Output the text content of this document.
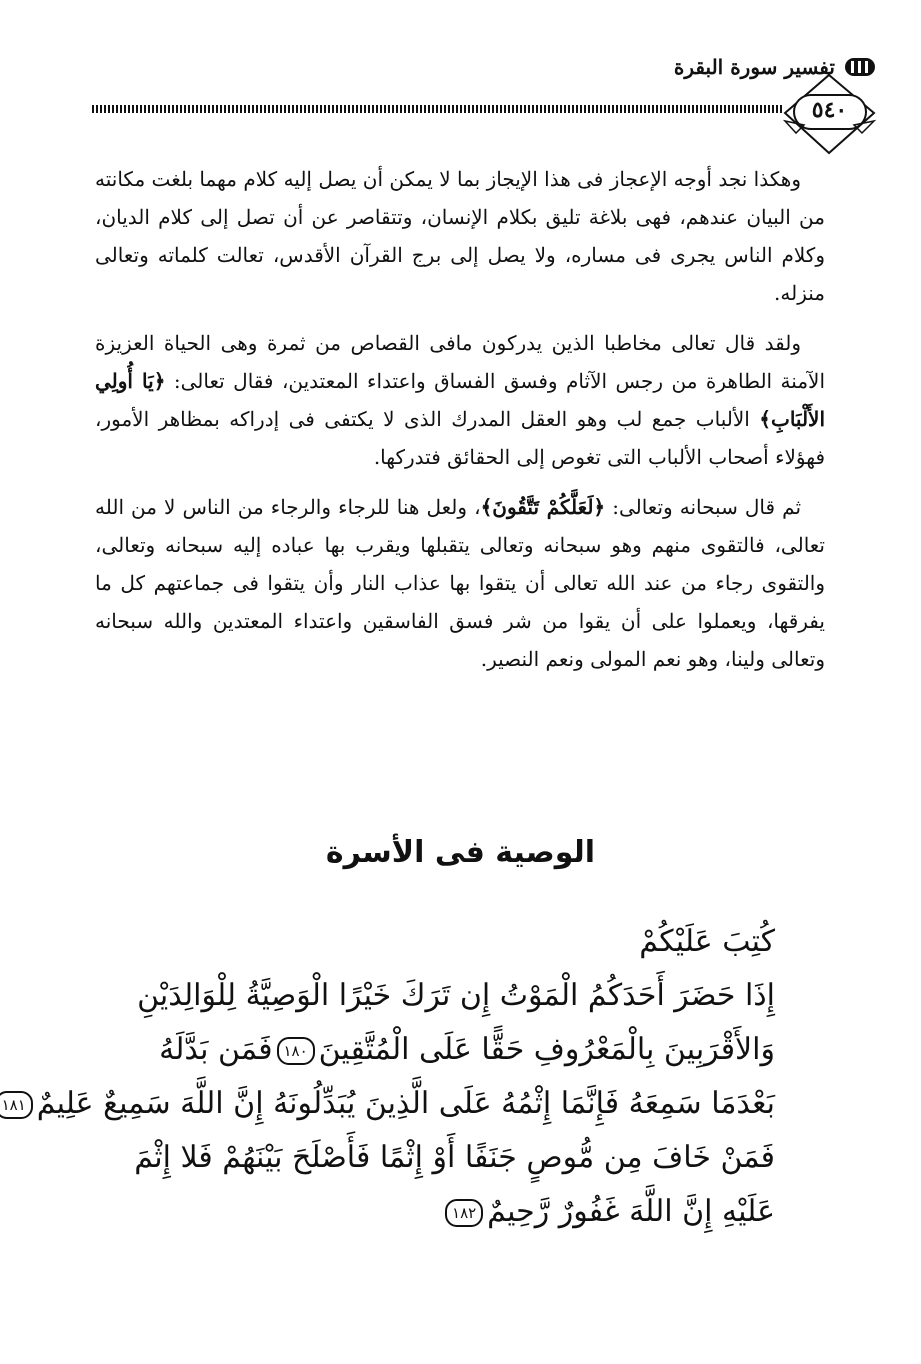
تفسير سورة البقرة
٥٤٠

وهكذا نجد أوجه الإعجاز فى هذا الإيجاز بما لا يمكن أن يصل إليه كلام مهما بلغت مكانته من البيان عندهم، فهى بلاغة تليق بكلام الإنسان، وتتقاصر عن أن تصل إلى كلام الديان، وكلام الناس يجرى فى مساره، ولا يصل إلى برج القرآن الأقدس، تعالت كلماته وتعالى منزله.

ولقد قال تعالى مخاطبا الذين يدركون مافى القصاص من ثمرة وهى الحياة العزيزة الآمنة الطاهرة من رجس الآثام وفسق الفساق واعتداء المعتدين، فقال تعالى: ﴿يَا أُولِي الأَلْبَابِ﴾ الألباب جمع لب وهو العقل المدرك الذى لا يكتفى فى إدراكه بمظاهر الأمور، فهؤلاء أصحاب الألباب التى تغوص إلى الحقائق فتدركها.

ثم قال سبحانه وتعالى: ﴿لَعَلَّكُمْ تَتَّقُونَ﴾، ولعل هنا للرجاء والرجاء من الناس لا من الله تعالى، فالتقوى منهم وهو سبحانه وتعالى يتقبلها ويقرب بها عباده إليه سبحانه وتعالى، والتقوى رجاء من عند الله تعالى أن يتقوا بها عذاب النار وأن يتقوا فى جماعتهم كل ما يفرقها، ويعملوا على أن يقوا من شر فسق الفاسقين واعتداء المعتدين والله سبحانه وتعالى ولينا، وهو نعم المولى ونعم النصير.

الوصية فى الأسرة
كُتِبَ عَلَيْكُمْ
إِذَا حَضَرَ أَحَدَكُمُ الْمَوْتُ إِن تَرَكَ خَيْرًا الْوَصِيَّةُ لِلْوَالِدَيْنِ
وَالأَقْرَبِينَ بِالْمَعْرُوفِ حَقًّا عَلَى الْمُتَّقِينَ١٨٠فَمَن بَدَّلَهُ
بَعْدَمَا سَمِعَهُ فَإِنَّمَا إِثْمُهُ عَلَى الَّذِينَ يُبَدِّلُونَهُ إِنَّ اللَّهَ سَمِيعٌ عَلِيمٌ١٨١
فَمَنْ خَافَ مِن مُّوصٍ جَنَفًا أَوْ إِثْمًا فَأَصْلَحَ بَيْنَهُمْ فَلا إِثْمَ
عَلَيْهِ إِنَّ اللَّهَ غَفُورٌ رَّحِيمٌ١٨٢
